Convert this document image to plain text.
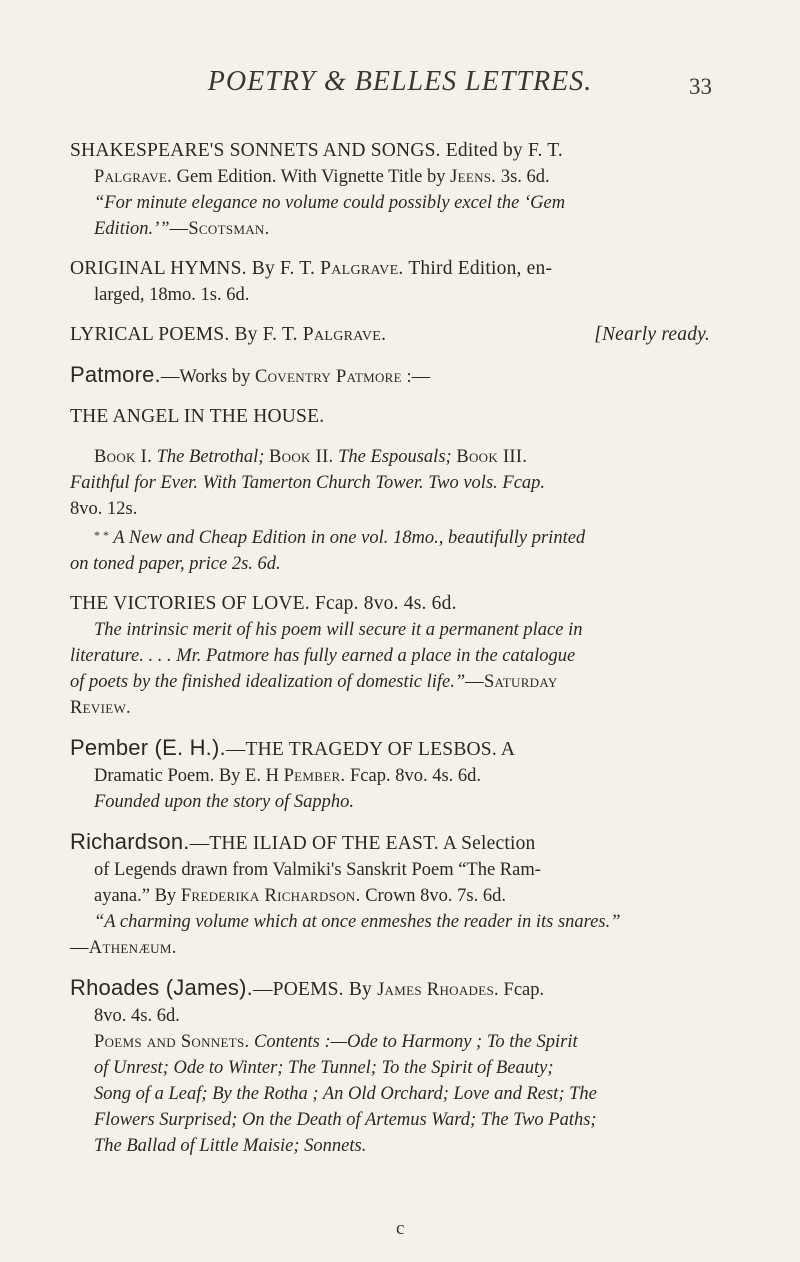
POETRY & BELLES LETTRES.	33
SHAKESPEARE'S SONNETS AND SONGS. Edited by F. T.
Palgrave. Gem Edition. With Vignette Title by Jeens. 3s. 6d.
“For minute elegance no volume could possibly excel the ‘Gem
Edition.’”—Scotsman.
ORIGINAL HYMNS. By F. T. Palgrave. Third Edition, en-
larged, 18mo. 1s. 6d.
LYRICAL POEMS. By F. T. Palgrave.	[Nearly ready.
Patmore.—Works by Coventry Patmore :—
THE ANGEL IN THE HOUSE.
Book I. The Betrothal; Book II. The Espousals; Book III.
Faithful for Ever. With Tamerton Church Tower. Two vols. Fcap.
8vo. 12s.
* * A New and Cheap Edition in one vol. 18mo., beautifully printed
on toned paper, price 2s. 6d.
THE VICTORIES OF LOVE. Fcap. 8vo. 4s. 6d.
The intrinsic merit of his poem will secure it a permanent place in
literature. . . . Mr. Patmore has fully earned a place in the catalogue
of poets by the finished idealization of domestic life.”—Saturday
Review.
Pember (E. H.).—THE TRAGEDY OF LESBOS. A
Dramatic Poem. By E. H Pember. Fcap. 8vo. 4s. 6d.
Founded upon the story of Sappho.
Richardson.—THE ILIAD OF THE EAST. A Selection
of Legends drawn from Valmiki's Sanskrit Poem “The Ram-
ayana.” By Frederika Richardson. Crown 8vo. 7s. 6d.
“A charming volume which at once enmeshes the reader in its snares.”
—Athenæum.
Rhoades (James).—POEMS. By James Rhoades. Fcap.
8vo. 4s. 6d.
Poems and Sonnets. Contents :—Ode to Harmony ; To the Spirit
of Unrest; Ode to Winter; The Tunnel; To the Spirit of Beauty;
Song of a Leaf; By the Rotha ; An Old Orchard; Love and Rest; The
Flowers Surprised; On the Death of Artemus Ward; The Two Paths;
The Ballad of Little Maisie; Sonnets.
c
